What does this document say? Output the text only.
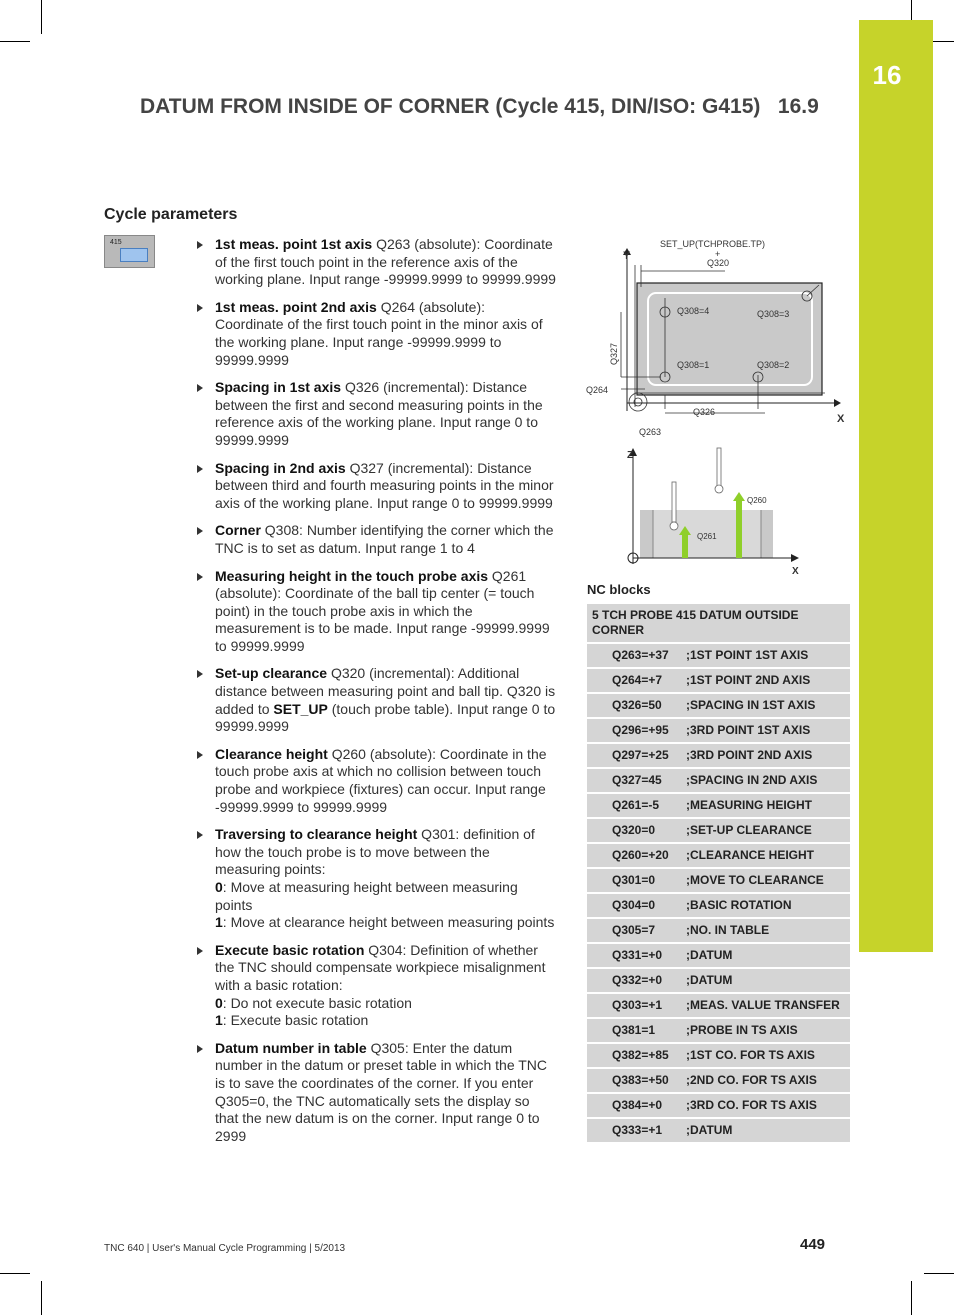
16
DATUM FROM INSIDE OF CORNER (Cycle 415, DIN/ISO: G415) 16.9
Cycle parameters
415	1st meas. point 1st axis Q263 (absolute): Coordinate of the first touch point in the reference axis of the working plane. Input range -99999.9999 to 99999.9999
1st meas. point 2nd axis Q264 (absolute): Coordinate of the first touch point in the minor axis of the working plane. Input range -99999.9999 to 99999.9999
Spacing in 1st axis Q326 (incremental): Distance between the first and second measuring points in the reference axis of the working plane. Input range 0 to 99999.9999
Spacing in 2nd axis Q327 (incremental): Distance between third and fourth measuring points in the minor axis of the working plane. Input range 0 to 99999.9999
Corner Q308: Number identifying the corner which the TNC is to set as datum. Input range 1 to 4
Measuring height in the touch probe axis Q261 (absolute): Coordinate of the ball tip center (= touch point) in the touch probe axis in which the measurement is to be made. Input range -99999.9999 to 99999.9999
Set-up clearance Q320 (incremental): Additional distance between measuring point and ball tip. Q320 is added to SET_UP (touch probe table). Input range 0 to 99999.9999
Clearance height Q260 (absolute): Coordinate in the touch probe axis at which no collision between touch probe and workpiece (fixtures) can occur. Input range -99999.9999 to 99999.9999
Traversing to clearance height Q301: definition of how the touch probe is to move between the measuring points:
0: Move at measuring height between measuring points
1: Move at clearance height between measuring points
Execute basic rotation Q304: Definition of whether the TNC should compensate workpiece misalignment with a basic rotation:
0: Do not execute basic rotation
1: Execute basic rotation
Datum number in table Q305: Enter the datum number in the datum or preset table in which the TNC is to save the coordinates of the corner. If you enter Q305=0, the TNC automatically sets the display so that the new datum is on the corner. Input range 0 to 2999
Y
X
SET_UP(TCHPROBE.TP)
+
Q320
Q308=4	Q308=3
Q308=1	Q308=2
Q327
Q264
Q326
Q263
Z
X
Q260
Q261
NC blocks
5 TCH PROBE 415 DATUM OUTSIDE CORNER	
Q263=+37	;1ST POINT 1ST AXIS
Q264=+7	;1ST POINT 2ND AXIS
Q326=50	;SPACING IN 1ST AXIS
Q296=+95	;3RD POINT 1ST AXIS
Q297=+25	;3RD POINT 2ND AXIS
Q327=45	;SPACING IN 2ND AXIS
Q261=-5	;MEASURING HEIGHT
Q320=0	;SET-UP CLEARANCE
Q260=+20	;CLEARANCE HEIGHT
Q301=0	;MOVE TO CLEARANCE
Q304=0	;BASIC ROTATION
Q305=7	;NO. IN TABLE
Q331=+0	;DATUM
Q332=+0	;DATUM
Q303=+1	;MEAS. VALUE TRANSFER
Q381=1	;PROBE IN TS AXIS
Q382=+85	;1ST CO. FOR TS AXIS
Q383=+50	;2ND CO. FOR TS AXIS
Q384=+0	;3RD CO. FOR TS AXIS
Q333=+1	;DATUM
TNC 640 | User's Manual Cycle Programming | 5/2013	449
